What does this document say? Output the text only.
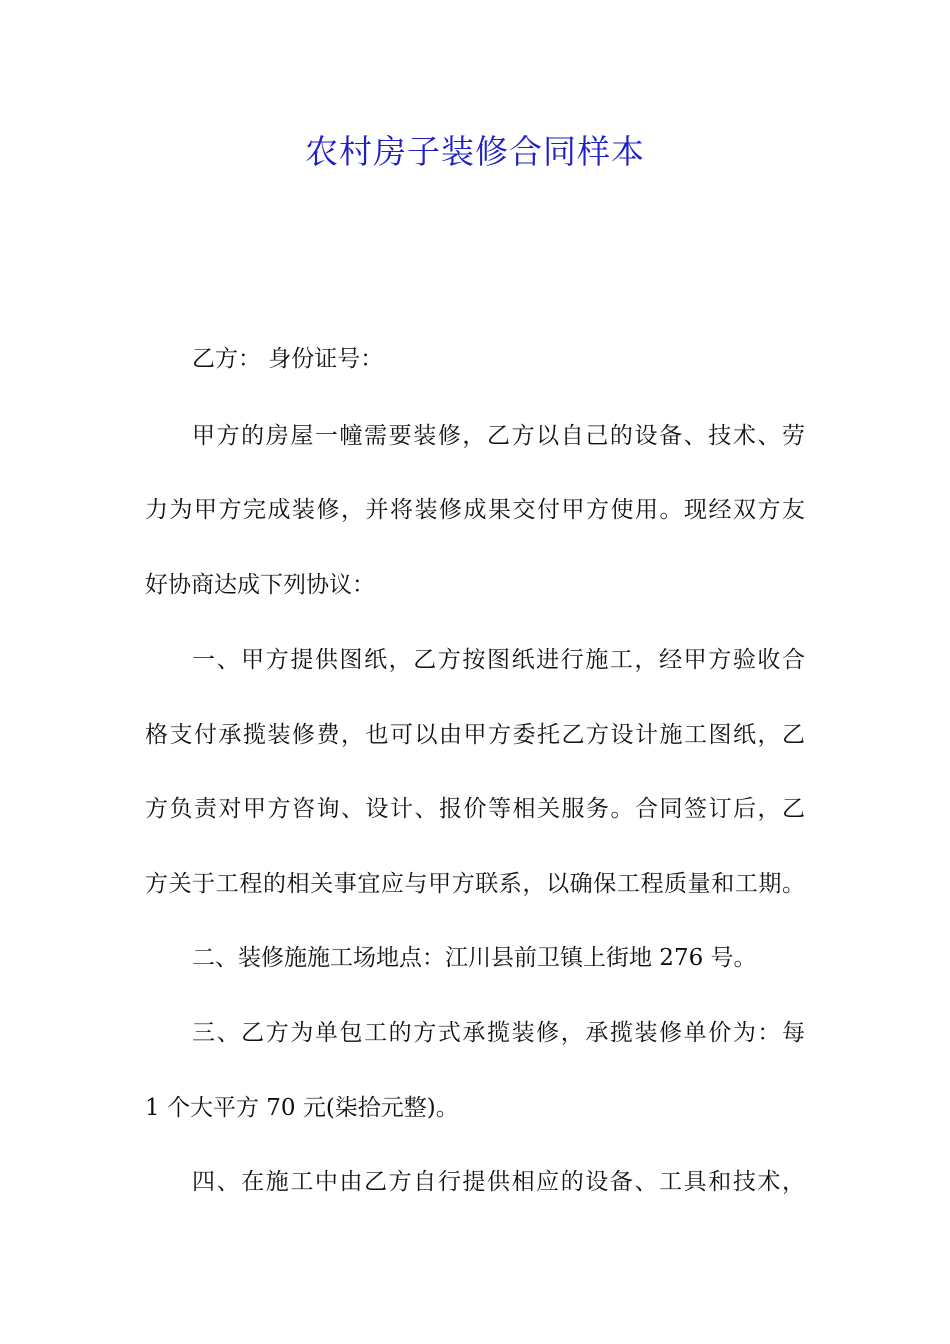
农村房子装修合同样本
乙方： 身份证号：
甲方的房屋一幢需要装修，乙方以自己的设备、技术、劳
力为甲方完成装修，并将装修成果交付甲方使用。现经双方友
好协商达成下列协议：
一、甲方提供图纸，乙方按图纸进行施工，经甲方验收合
格支付承揽装修费，也可以由甲方委托乙方设计施工图纸，乙
方负责对甲方咨询、设计、报价等相关服务。合同签订后，乙
方关于工程的相关事宜应与甲方联系，以确保工程质量和工期。
二、装修施施工场地点：江川县前卫镇上街地 276 号。
三、乙方为单包工的方式承揽装修，承揽装修单价为：每
1 个大平方 70 元(柒拾元整)。
四、在施工中由乙方自行提供相应的设备、工具和技术，
